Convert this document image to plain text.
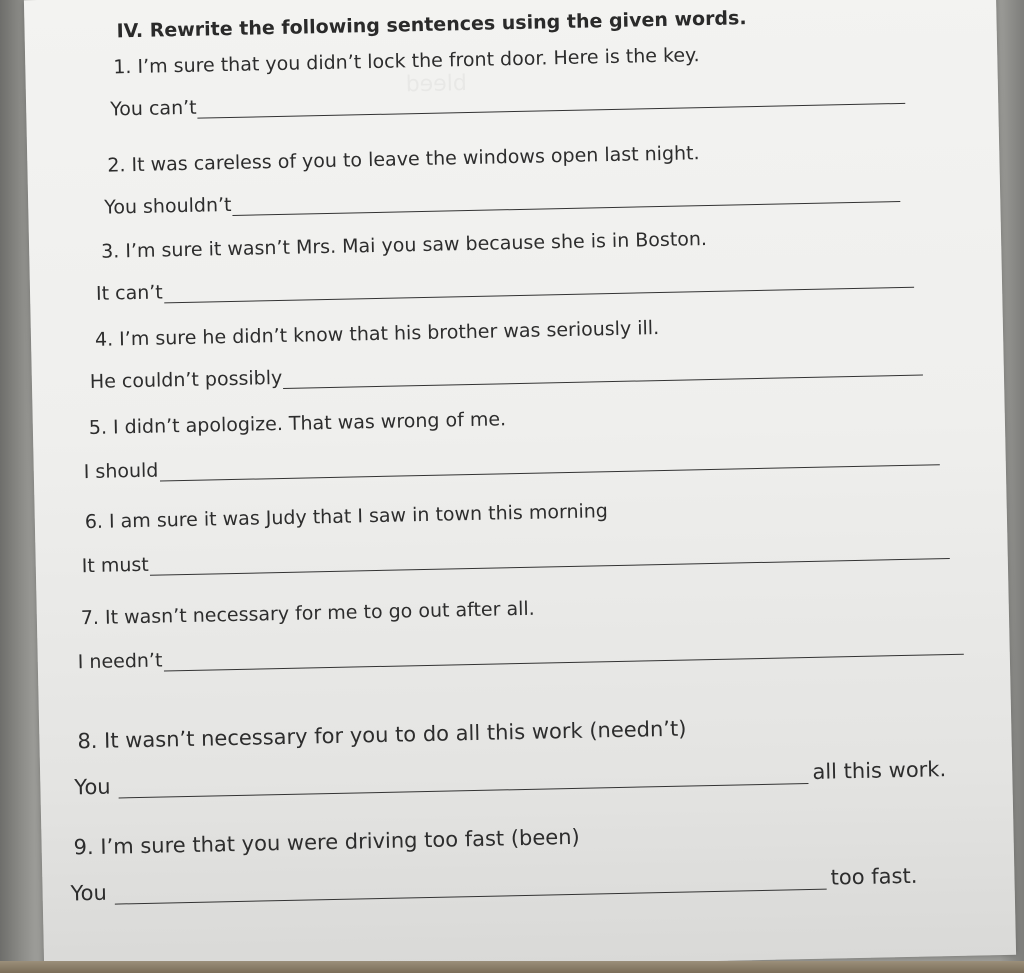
bleed
IV. Rewrite the following sentences using the given words.
1. I’m sure that you didn’t lock the front door. Here is the key.
You can’t
2. It was careless of you to leave the windows open last night.
You shouldn’t
3. I’m sure it wasn’t Mrs. Mai you saw because she is in Boston.
It can’t
4. I’m sure he didn’t know that his brother was seriously ill.
He couldn’t possibly
5. I didn’t apologize. That was wrong of me.
I should
6. I am sure it was Judy that I saw in town this morning
It must
7. It wasn’t necessary for me to go out after all.
I needn’t
8. It wasn’t necessary for you to do all this work (needn’t)
You
all this work.
9. I’m sure that you were driving too fast (been)
You
too fast.
